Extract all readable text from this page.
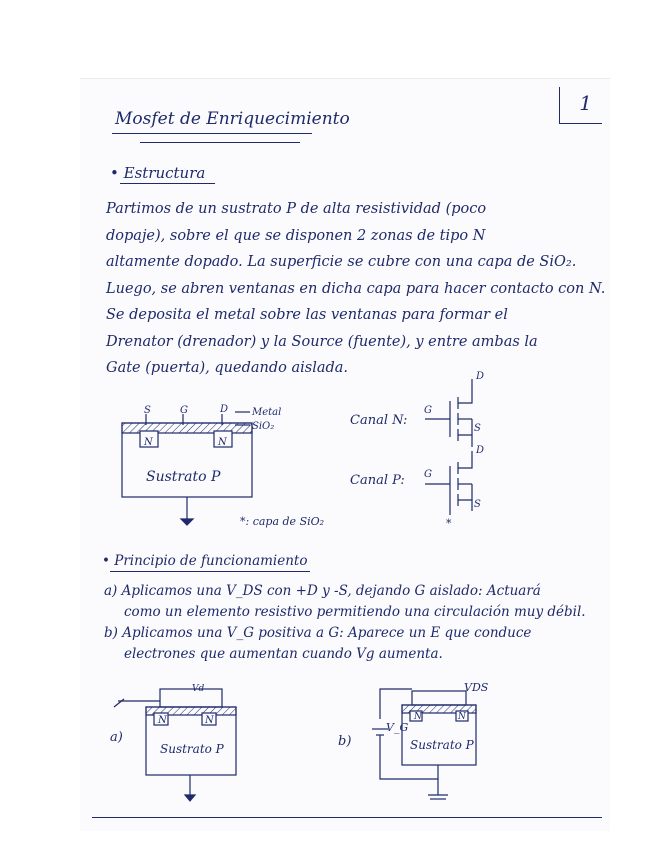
1
Mosfet de Enriquecimiento
• Estructura
Partimos de un sustrato P de alta resistividad (poco
dopaje), sobre el que se disponen 2 zonas de tipo N
altamente dopado. La superficie se cubre con una capa de SiO₂.
Luego, se abren ventanas en dicha capa para hacer contacto con N.
Se deposita el metal sobre las ventanas para formar el
Drenator (drenador) y la Source (fuente), y entre ambas la
Gate (puerta), quedando aislada.
S	G	D Metal
SiO₂
N	N
Sustrato P
*: capa de SiO₂
Canal N:
G
D
S
Canal P: G
D
S
*
• Principio de funcionamiento
a) Aplicamos una V_DS con +D y -S, dejando G aislado: Actuará
como un elemento resistivo permitiendo una circulación muy débil.
b) Aplicamos una V_G positiva a G: Aparece un E que conduce
electrones que aumentan cuando Vg aumenta.
N	N
Vd
Sustrato P
a)
N	N
VDS
V_G
Sustrato P
b)
